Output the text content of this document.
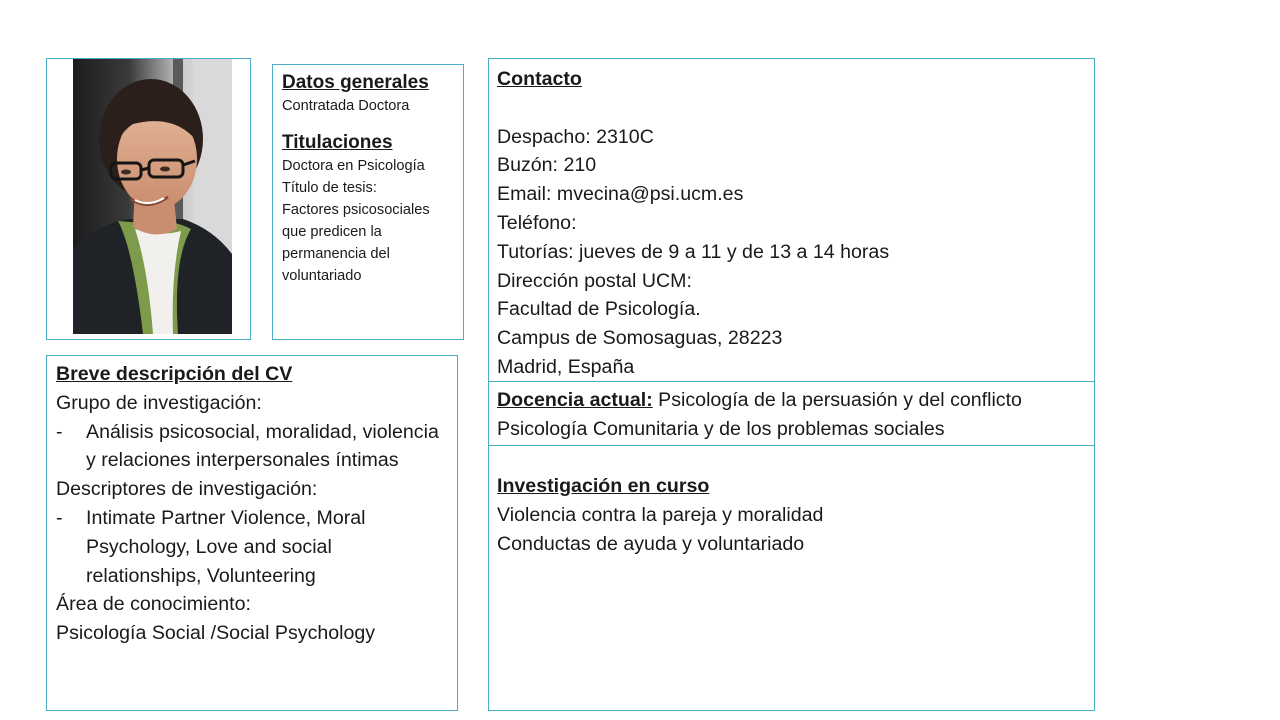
Datos generales
Contratada Doctora
Titulaciones
Doctora en Psicología
Título de tesis:
Factores psicosociales
que predicen la
permanencia del
voluntariado
Contacto
Despacho: 2310C
Buzón: 210
Email: mvecina@psi.ucm.es
Teléfono:
Tutorías: jueves de 9 a 11 y de 13 a 14 horas
Dirección postal UCM:
Facultad de Psicología.
Campus de Somosaguas, 28223
Madrid, España
Docencia actual: Psicología de la persuasión y del conflicto
Psicología Comunitaria y de los problemas sociales
Investigación en curso
Violencia contra la pareja y moralidad
Conductas de ayuda y voluntariado
Breve descripción del CV
Grupo de investigación:
-	Análisis psicosocial, moralidad, violencia y relaciones interpersonales íntimas
Descriptores de investigación:
-	Intimate Partner Violence, Moral Psychology, Love and social relationships, Volunteering
Área de conocimiento:
Psicología Social /Social Psychology
